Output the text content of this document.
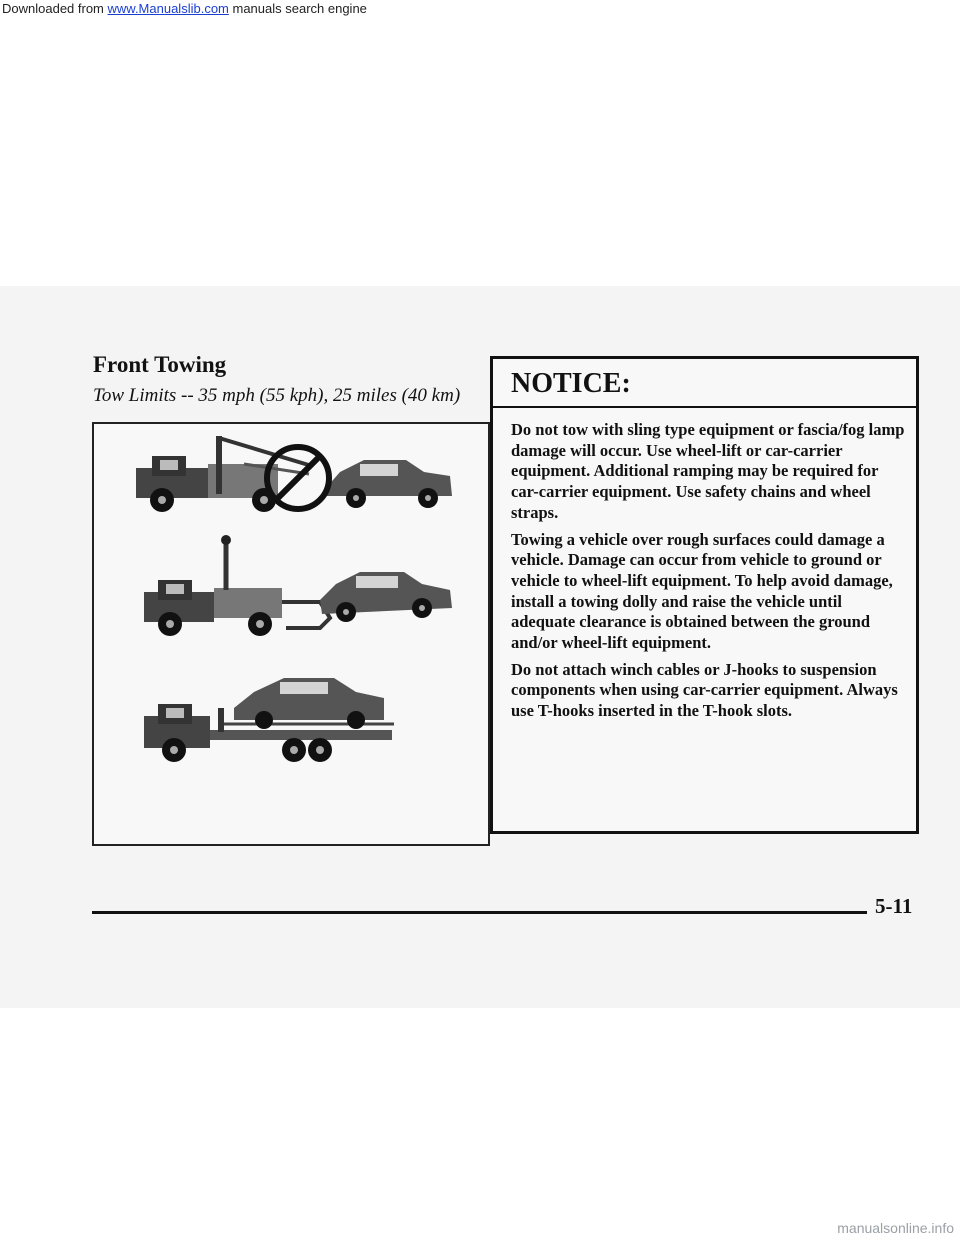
Downloaded from www.Manualslib.com manuals search engine
Front Towing
Tow Limits -- 35 mph (55 kph), 25 miles (40 km)	NOTICE:

Do not tow with sling type equipment or fascia/fog lamp damage will occur. Use wheel-lift or car-carrier equipment. Additional ramping may be required for car-carrier equipment. Use safety chains and wheel straps.

Towing a vehicle over rough surfaces could damage a vehicle. Damage can occur from vehicle to ground or vehicle to wheel-lift equipment. To help avoid damage, install a towing dolly and raise the vehicle until adequate clearance is obtained between the ground and/or wheel-lift equipment.

Do not attach winch cables or J-hooks to suspension components when using car-carrier equipment. Always use T-hooks inserted in the T-hook slots.

5-11
manualsonline.info
